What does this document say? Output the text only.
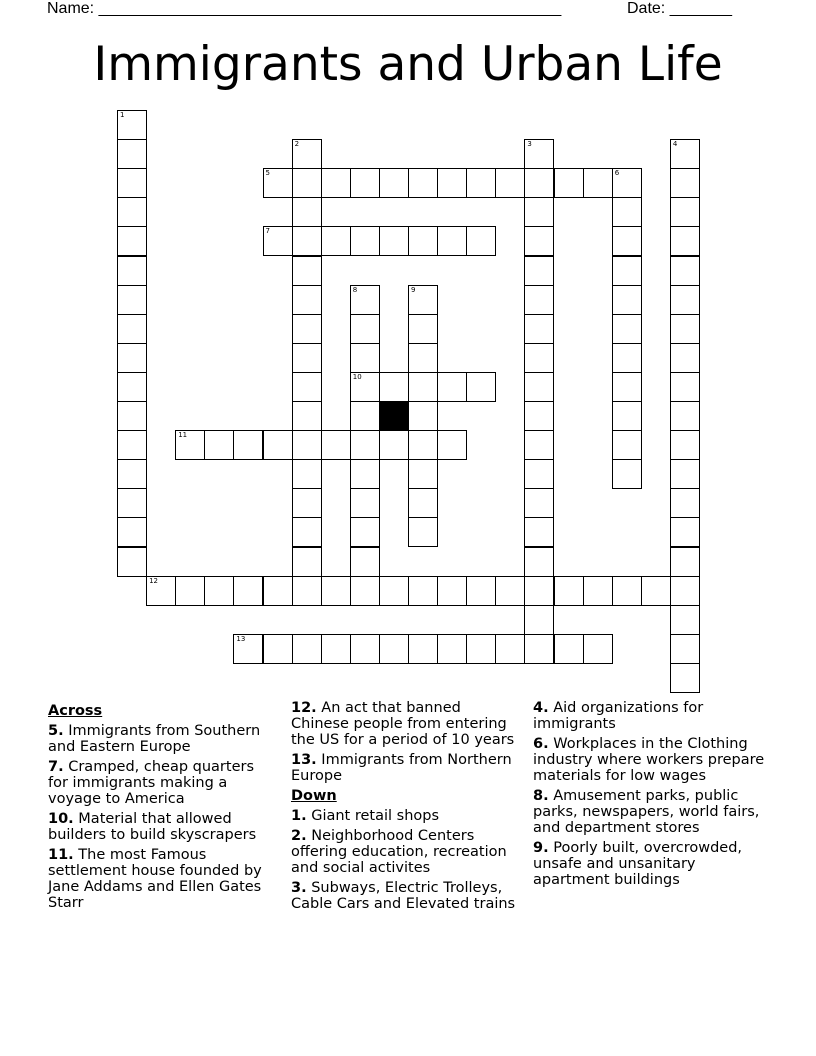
Name: ____________________________________________________	Date: _______
Immigrants and Urban Life
1
2	3	4
5	6
7
8
10
9
11
12
13
Across
5. Immigrants from Southern and Eastern Europe
7. Cramped, cheap quarters for immigrants making a voyage to America
10. Material that allowed builders to build skyscrapers
11. The most Famous settlement house founded by Jane Addams and Ellen Gates Starr
12. An act that banned Chinese people from entering the US for a period of 10 years
13. Immigrants from Northern Europe
Down
1. Giant retail shops
2. Neighborhood Centers offering education, recreation and social activites
3. Subways, Electric Trolleys, Cable Cars and Elevated trains
4. Aid organizations for immigrants
6. Workplaces in the Clothing industry where workers prepare materials for low wages
8. Amusement parks, public parks, newspapers, world fairs, and department stores
9. Poorly built, overcrowded, unsafe and unsanitary apartment buildings
